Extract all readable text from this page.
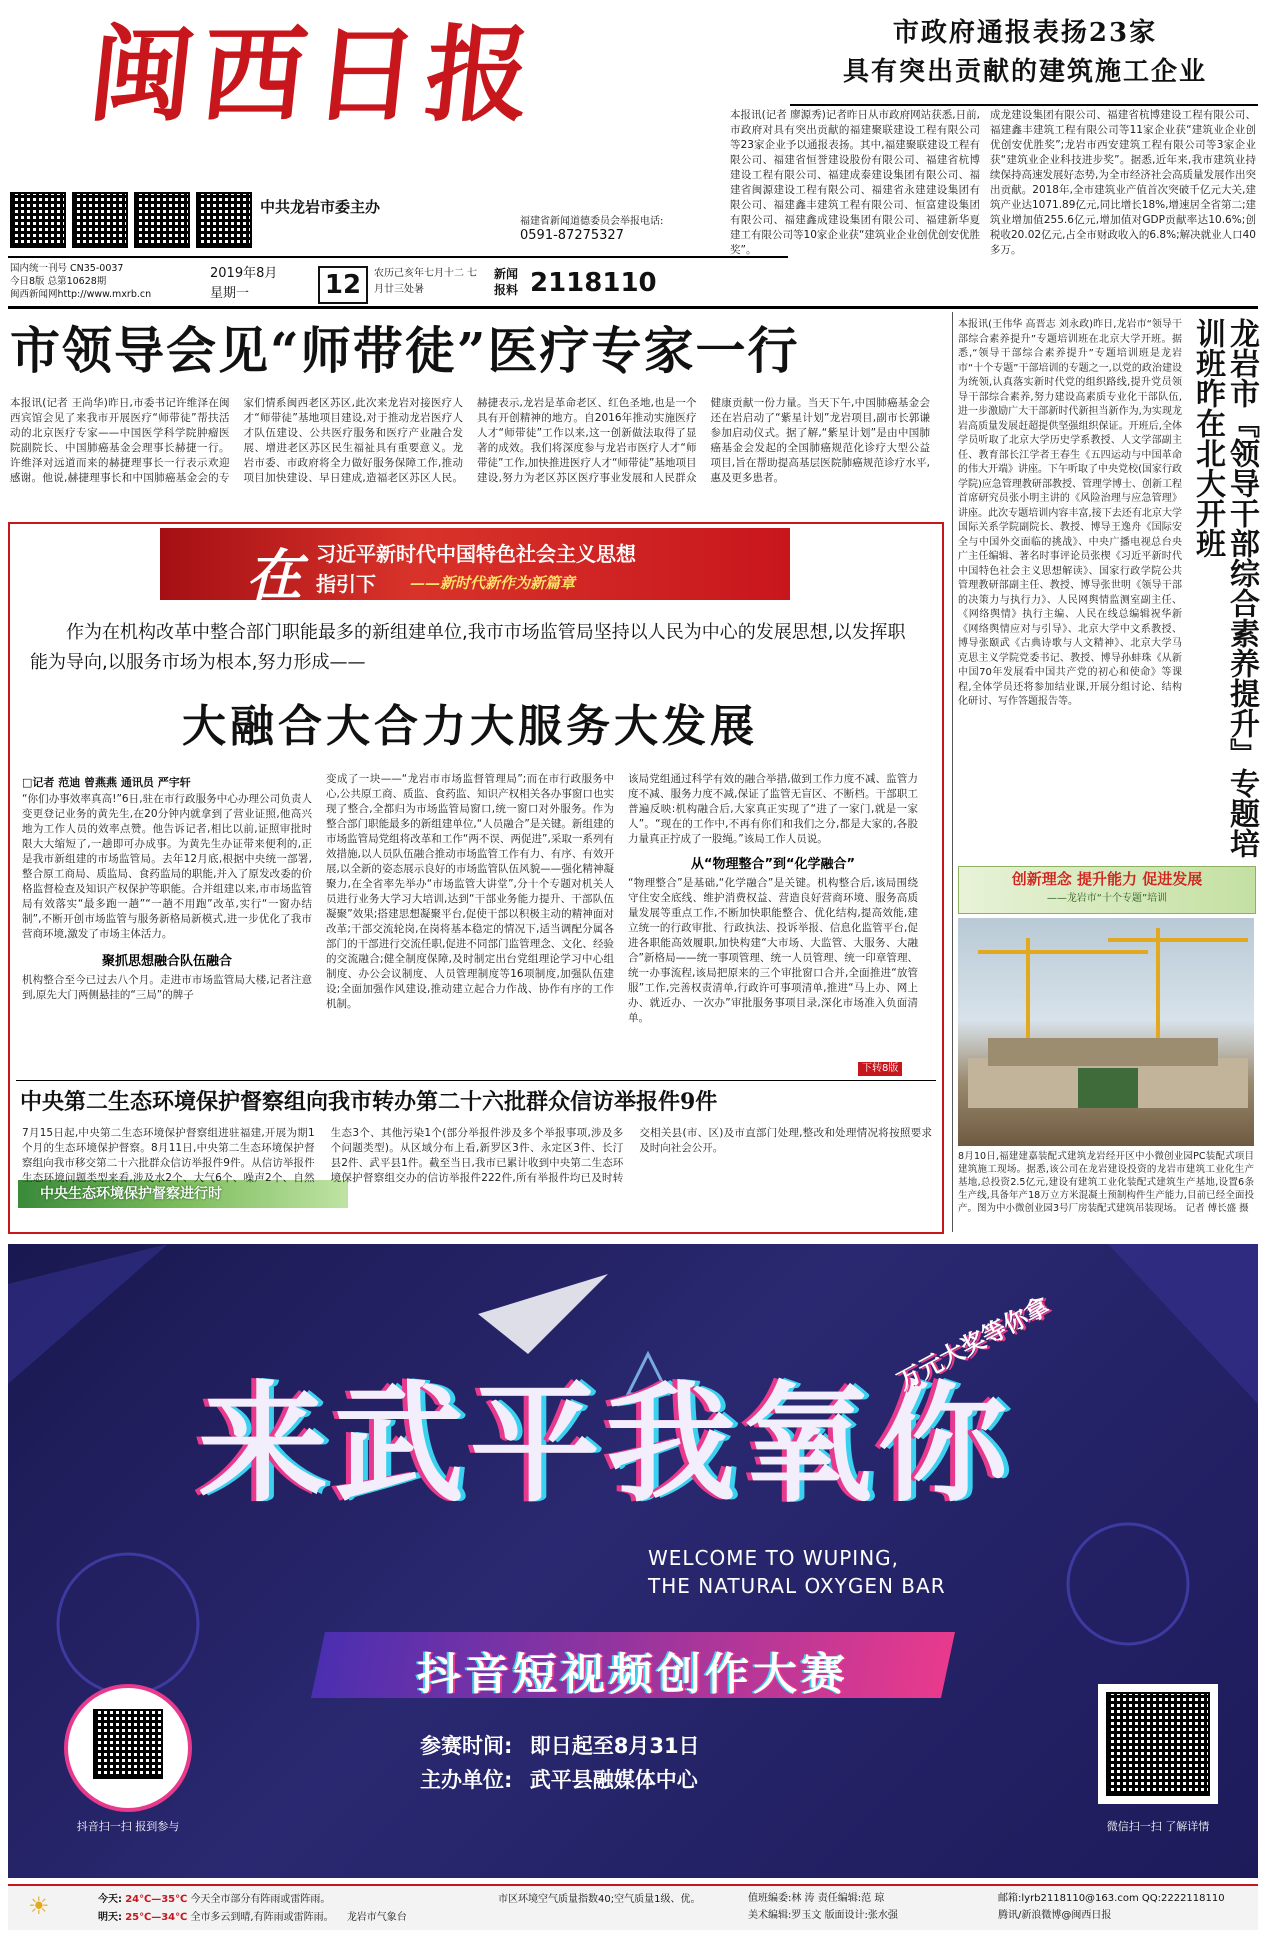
闽西日报
中共龙岩市委主办
福建省新闻道德委员会举报电话:
0591-87275327
国内统一刊号 CN35-0037
今日8版 总第10628期
闽西新闻网http://www.mxrb.cn
2019年8月
星期一	12	农历己亥年七月十二 七月廿三处暑
新闻报料 2118110
市政府通报表扬23家
具有突出贡献的建筑施工企业
本报讯(记者 廖源秀)记者昨日从市政府网站获悉,日前,市政府对具有突出贡献的福建聚联建设工程有限公司等23家企业予以通报表扬。其中,福建聚联建设工程有限公司、福建省恒誉建设股份有限公司、福建省杭博建设工程有限公司、福建成泰建设集团有限公司、福建省闽源建设工程有限公司、福建省永建建设集团有限公司、福建鑫丰建筑工程有限公司、恒富建设集团有限公司、福建鑫成建设集团有限公司、福建新华夏建工有限公司等10家企业获“建筑业企业创优创安优胜奖”。
成龙建设集团有限公司、福建省杭博建设工程有限公司、福建鑫丰建筑工程有限公司等11家企业获“建筑业企业创优创安优胜奖”;龙岩市西安建筑工程有限公司等3家企业获“建筑业企业科技进步奖”。据悉,近年来,我市建筑业持续保持高速发展好态势,为全市经济社会高质量发展作出突出贡献。2018年,全市建筑业产值首次突破千亿元大关,建筑产业达1071.89亿元,同比增长18%,增速居全省第二;建筑业增加值255.6亿元,增加值对GDP贡献率达10.6%;创税收20.02亿元,占全市财政收入的6.8%;解决就业人口40多万。
市领导会见“师带徒”医疗专家一行
本报讯(记者 王尚华)昨日,市委书记许维泽在闽西宾馆会见了来我市开展医疗“师带徒”帮扶活动的北京医疗专家——中国医学科学院肿瘤医院副院长、中国肺癌基金会理事长赫捷一行。许维泽对远道而来的赫捷理事长一行表示欢迎感谢。他说,赫捷理事长和中国肺癌基金会的专家们情系闽西老区苏区,此次来龙岩对接医疗人才“师带徒”基地项目建设,对于推动龙岩医疗人才队伍建设、公共医疗服务和医疗产业融合发展、增进老区苏区民生福祉具有重要意义。龙岩市委、市政府将全力做好服务保障工作,推动项目加快建设、早日建成,造福老区苏区人民。赫捷表示,龙岩是革命老区、红色圣地,也是一个具有开创精神的地方。自2016年推动实施医疗人才“师带徒”工作以来,这一创新做法取得了显著的成效。我们将深度参与龙岩市医疗人才“师带徒”工作,加快推进医疗人才“师带徒”基地项目建设,努力为老区苏区医疗事业发展和人民群众健康贡献一份力量。当天下午,中国肺癌基金会还在岩启动了“紫星计划”龙岩项目,副市长郭谦参加启动仪式。据了解,“紫星计划”是由中国肺癌基金会发起的全国肺癌规范化诊疗大型公益项目,旨在帮助提高基层医院肺癌规范诊疗水平,惠及更多患者。
在 习近平新时代中国特色社会主义思想
指引下 ——新时代新作为新篇章
作为在机构改革中整合部门职能最多的新组建单位,我市市场监管局坚持以人民为中心的发展思想,以发挥职能为导向,以服务市场为根本,努力形成——
大融合大合力大服务大发展
□记者 范迪 曾燕燕 通讯员 严宇轩
“你们办事效率真高!”6日,驻在市行政服务中心办理公司负责人变更登记业务的黄先生,在20分钟内就拿到了营业证照,他高兴地为工作人员的效率点赞。他告诉记者,相比以前,证照审批时限大大缩短了,一趟即可办成事。为黄先生办证带来便利的,正是我市新组建的市场监管局。去年12月底,根据中央统一部署,整合原工商局、质监局、食药监局的职能,并入了原发改委的价格监督检查及知识产权保护等职能。合并组建以来,市市场监管局有效落实“最多跑一趟”“一趟不用跑”改革,实行“一窗办结制”,不断开创市场监管与服务新格局新模式,进一步优化了我市营商环境,激发了市场主体活力。
聚抓思想融合队伍融合
机构整合至今已过去八个月。走进市市场监管局大楼,记者注意到,原先大门两侧悬挂的“三局”的牌子
变成了一块——“龙岩市市场监督管理局”;而在市行政服务中心,公共原工商、质监、食药监、知识产权相关各办事窗口也实现了整合,全都归为市场监管局窗口,统一窗口对外服务。作为整合部门职能最多的新组建单位,“人员融合”是关键。新组建的市场监管局党组将改革和工作“两不误、两促进”,采取一系列有效措施,以人员队伍融合推动市场监管工作有力、有序、有效开展,以全新的姿态展示良好的市场监管队伍风貌——强化精神凝聚力,在全省率先举办“市场监管大讲堂”,分十个专题对机关人员进行业务大学习大培训,达到“干部业务能力提升、干部队伍凝聚”效果;搭建思想凝聚平台,促使干部以积极主动的精神面对改革;干部交流轮岗,在岗将基本稳定的情况下,适当调配分属各部门的干部进行交流任职,促进不同部门监管理念、文化、经验的交流融合;健全制度保障,及时制定出台党组理论学习中心组制度、办公会议制度、人员管理制度等16项制度,加强队伍建设;全面加强作风建设,推动建立起合力作战、协作有序的工作机制。
该局党组通过科学有效的融合举措,做到工作力度不减、监管力度不减、服务力度不减,保证了监管无盲区、不断档。干部职工普遍反映:机构融合后,大家真正实现了“进了一家门,就是一家人”。“现在的工作中,不再有你们和我们之分,都是大家的,各股力量真正拧成了一股绳。”该局工作人员说。
从“物理整合”到“化学融合”
“物理整合”是基础,“化学融合”是关键。机构整合后,该局围绕守住安全底线、维护消费权益、营造良好营商环境、服务高质量发展等重点工作,不断加快职能整合、优化结构,提高效能,建立统一的行政审批、行政执法、投诉举报、信息化监管平台,促进各职能高效履职,加快构建“大市场、大监管、大服务、大融合”新格局——统一事项管理、统一人员管理、统一印章管理、统一办事流程,该局把原来的三个审批窗口合并,全面推进“放管服”工作,完善权责清单,行政许可事项清单,推进“马上办、网上办、就近办、一次办”审批服务事项目录,深化市场准入负面清单。
下转8版
中央第二生态环境保护督察组向我市转办第二十六批群众信访举报件9件
中央生态环境保护督察进行时
7月15日起,中央第二生态环境保护督察组进驻福建,开展为期1个月的生态环境保护督察。8月11日,中央第二生态环境保护督察组向我市移交第二十六批群众信访举报件9件。从信访举报件生态环境问题类型来看,涉及水2个、大气6个、噪声2个、自然生态3个、其他污染1个(部分举报件涉及多个举报事项,涉及多个问题类型)。从区域分布上看,新罗区3件、永定区3件、长汀县2件、武平县1件。截至当日,我市已累计收到中央第二生态环境保护督察组交办的信访举报件222件,所有举报件均已及时转交相关县(市、区)及市直部门处理,整改和处理情况将按照要求及时向社会公开。
本报讯(王伟华 高晋志 刘永政)昨日,龙岩市“领导干部综合素养提升”专题培训班在北京大学开班。据悉,“领导干部综合素养提升”专题培训班是龙岩市“十个专题”干部培训的专题之一,以党的政治建设为统领,认真落实新时代党的组织路线,提升党员领导干部综合素养,努力建设高素质专业化干部队伍,进一步激励广大干部新时代新担当新作为,为实现龙岩高质量发展赶超提供坚强组织保证。开班后,全体学员听取了北京大学历史学系教授、人文学部副主任、教育部长江学者王春生《五四运动与中国革命的伟大开端》讲座。下午听取了中央党校(国家行政学院)应急管理教研部教授、管理学博士、创新工程首席研究员张小明主讲的《风险治理与应急管理》讲座。此次专题培训内容丰富,接下去还有北京大学国际关系学院副院长、教授、博导王逸舟《国际安全与中国外交面临的挑战》、中央广播电视总台央广主任编辑、著名时事评论员张楔《习近平新时代中国特色社会主义思想解读》、国家行政学院公共管理教研部副主任、教授、博导张世明《领导干部的决策力与执行力》、人民网舆情监测室副主任、《网络舆情》执行主编、人民在线总编辑祝华新《网络舆情应对与引导》、北京大学中文系教授、博导张颐武《古典诗歌与人文精神》、北京大学马克思主义学院党委书记、教授、博导孙蚌珠《从新中国70年发展看中国共产党的初心和使命》等课程,全体学员还将参加结业课,开展分组讨论、结构化研讨、写作答题报告等。	龙岩市『领导干部综合素养提升』专题培训班昨在北大开班
创新理念 提升能力 促进发展
——龙岩市“十个专题”培训
8月10日,福建建嘉装配式建筑龙岩经开区中小微创业园PC装配式项目建筑施工现场。据悉,该公司在龙岩建设投资的龙岩市建筑工业化生产基地,总投资2.5亿元,建设有建筑工业化装配式建筑生产基地,设置6条生产线,具备年产18万立方米混凝土预制构件生产能力,目前已经全面投产。图为中小微创业园3号厂房装配式建筑吊装现场。 记者 傅长盛 摄
来武平我氧你
万元大奖等你拿
WELCOME TO WUPING,
THE NATURAL OXYGEN BAR
抖音短视频创作大赛
参赛时间: 即日起至8月31日
主办单位: 武平县融媒体中心
抖音扫一扫 报到参与	微信扫一扫 了解详情
今天: 24℃—35℃ 今天全市部分有阵雨或雷阵雨。
明天: 25℃—34℃ 全市多云到晴,有阵雨或雷阵雨。 龙岩市气象台
☀	市区环境空气质量指数40;空气质量1级、优。	值班编委:林 涛 责任编辑:范 琼
美术编辑:罗玉文 版面设计:张水强
邮箱:lyrb2118110@163.com QQ:2222118110
腾讯/新浪微博@闽西日报
